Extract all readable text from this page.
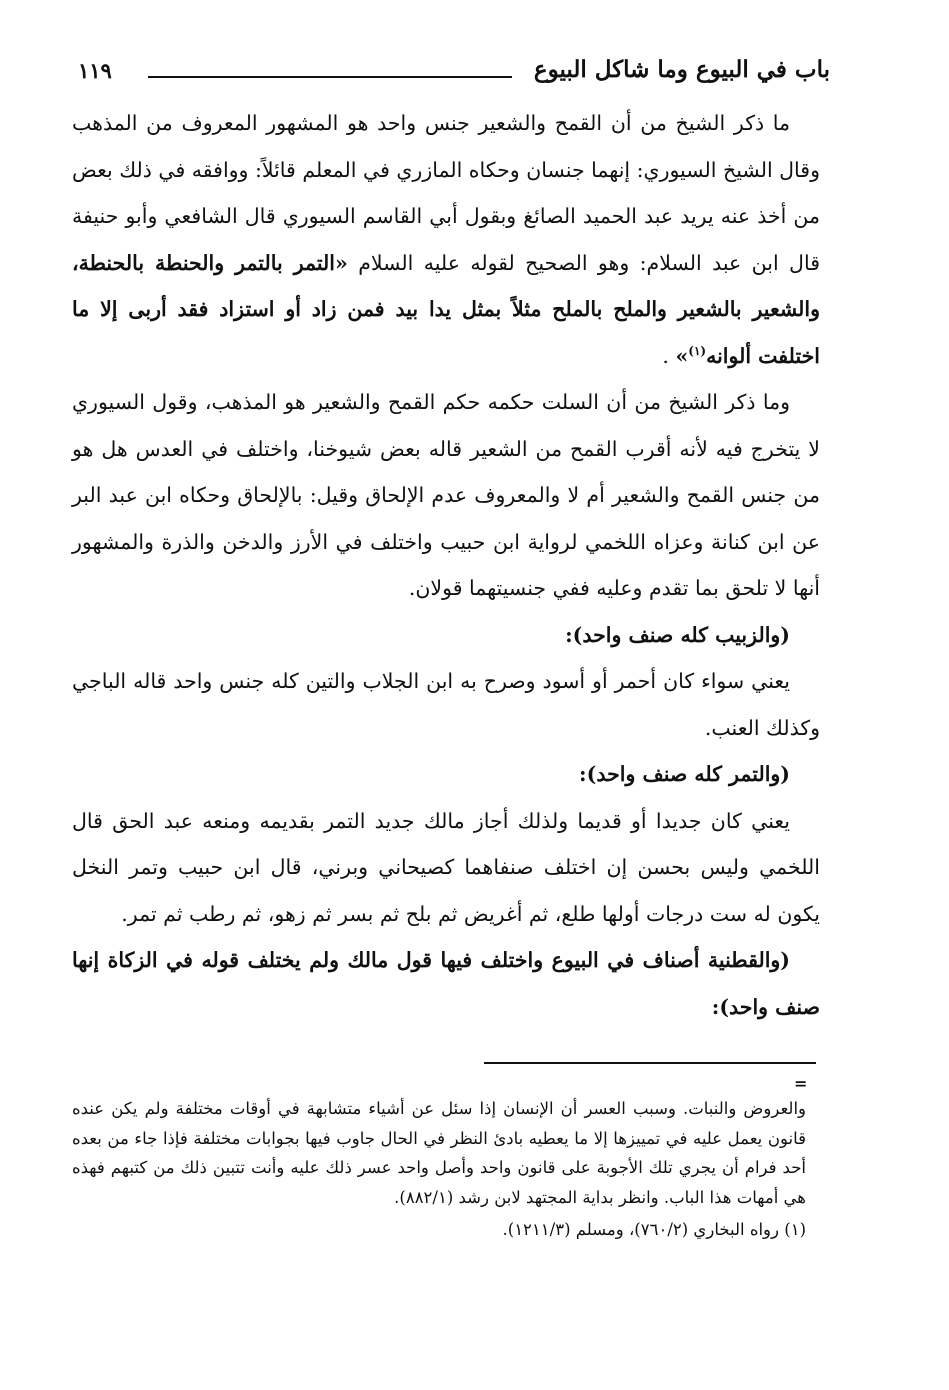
باب في البيوع وما شاكل البيوع
١١٩

ما ذكر الشيخ من أن القمح والشعير جنس واحد هو المشهور المعروف من المذهب وقال الشيخ السيوري: إنهما جنسان وحكاه المازري في المعلم قائلاً: ووافقه في ذلك بعض من أخذ عنه يريد عبد الحميد الصائغ وبقول أبي القاسم السيوري قال الشافعي وأبو حنيفة قال ابن عبد السلام: وهو الصحيح لقوله عليه السلام «التمر بالتمر والحنطة بالحنطة، والشعير بالشعير والملح بالملح مثلاً بمثل يدا بيد فمن زاد أو استزاد فقد أربى إلا ما اختلفت ألوانه$^{(١)}$» .

وما ذكر الشيخ من أن السلت حكمه حكم القمح والشعير هو المذهب، وقول السيوري لا يتخرج فيه لأنه أقرب القمح من الشعير قاله بعض شيوخنا، واختلف في العدس هل هو من جنس القمح والشعير أم لا والمعروف عدم الإلحاق وقيل: بالإلحاق وحكاه ابن عبد البر عن ابن كنانة وعزاه اللخمي لرواية ابن حبيب واختلف في الأرز والدخن والذرة والمشهور أنها لا تلحق بما تقدم وعليه ففي جنسيتهما قولان.

(والزبيب كله صنف واحد):

يعني سواء كان أحمر أو أسود وصرح به ابن الجلاب والتين كله جنس واحد قاله الباجي وكذلك العنب.

(والتمر كله صنف واحد):

يعني كان جديدا أو قديما ولذلك أجاز مالك جديد التمر بقديمه ومنعه عبد الحق قال اللخمي وليس بحسن إن اختلف صنفاهما كصيحاني وبرني، قال ابن حبيب وتمر النخل يكون له ست درجات أولها طلع، ثم أغريض ثم بلح ثم بسر ثم زهو، ثم رطب ثم تمر.

(والقطنية أصناف في البيوع واختلف فيها قول مالك ولم يختلف قوله في الزكاة إنها صنف واحد):

=

والعروض والنبات. وسبب العسر أن الإنسان إذا سئل عن أشياء متشابهة في أوقات مختلفة ولم يكن عنده قانون يعمل عليه في تمييزها إلا ما يعطيه بادئ النظر في الحال جاوب فيها بجوابات مختلفة فإذا جاء من بعده أحد فرام أن يجري تلك الأجوبة على قانون واحد وأصل واحد عسر ذلك عليه وأنت تتبين ذلك من كتبهم فهذه هي أمهات هذا الباب. وانظر بداية المجتهد لابن رشد (٨٨٢/١).

(١) رواه البخاري (٧٦٠/٢)، ومسلم (١٢١١/٣).
